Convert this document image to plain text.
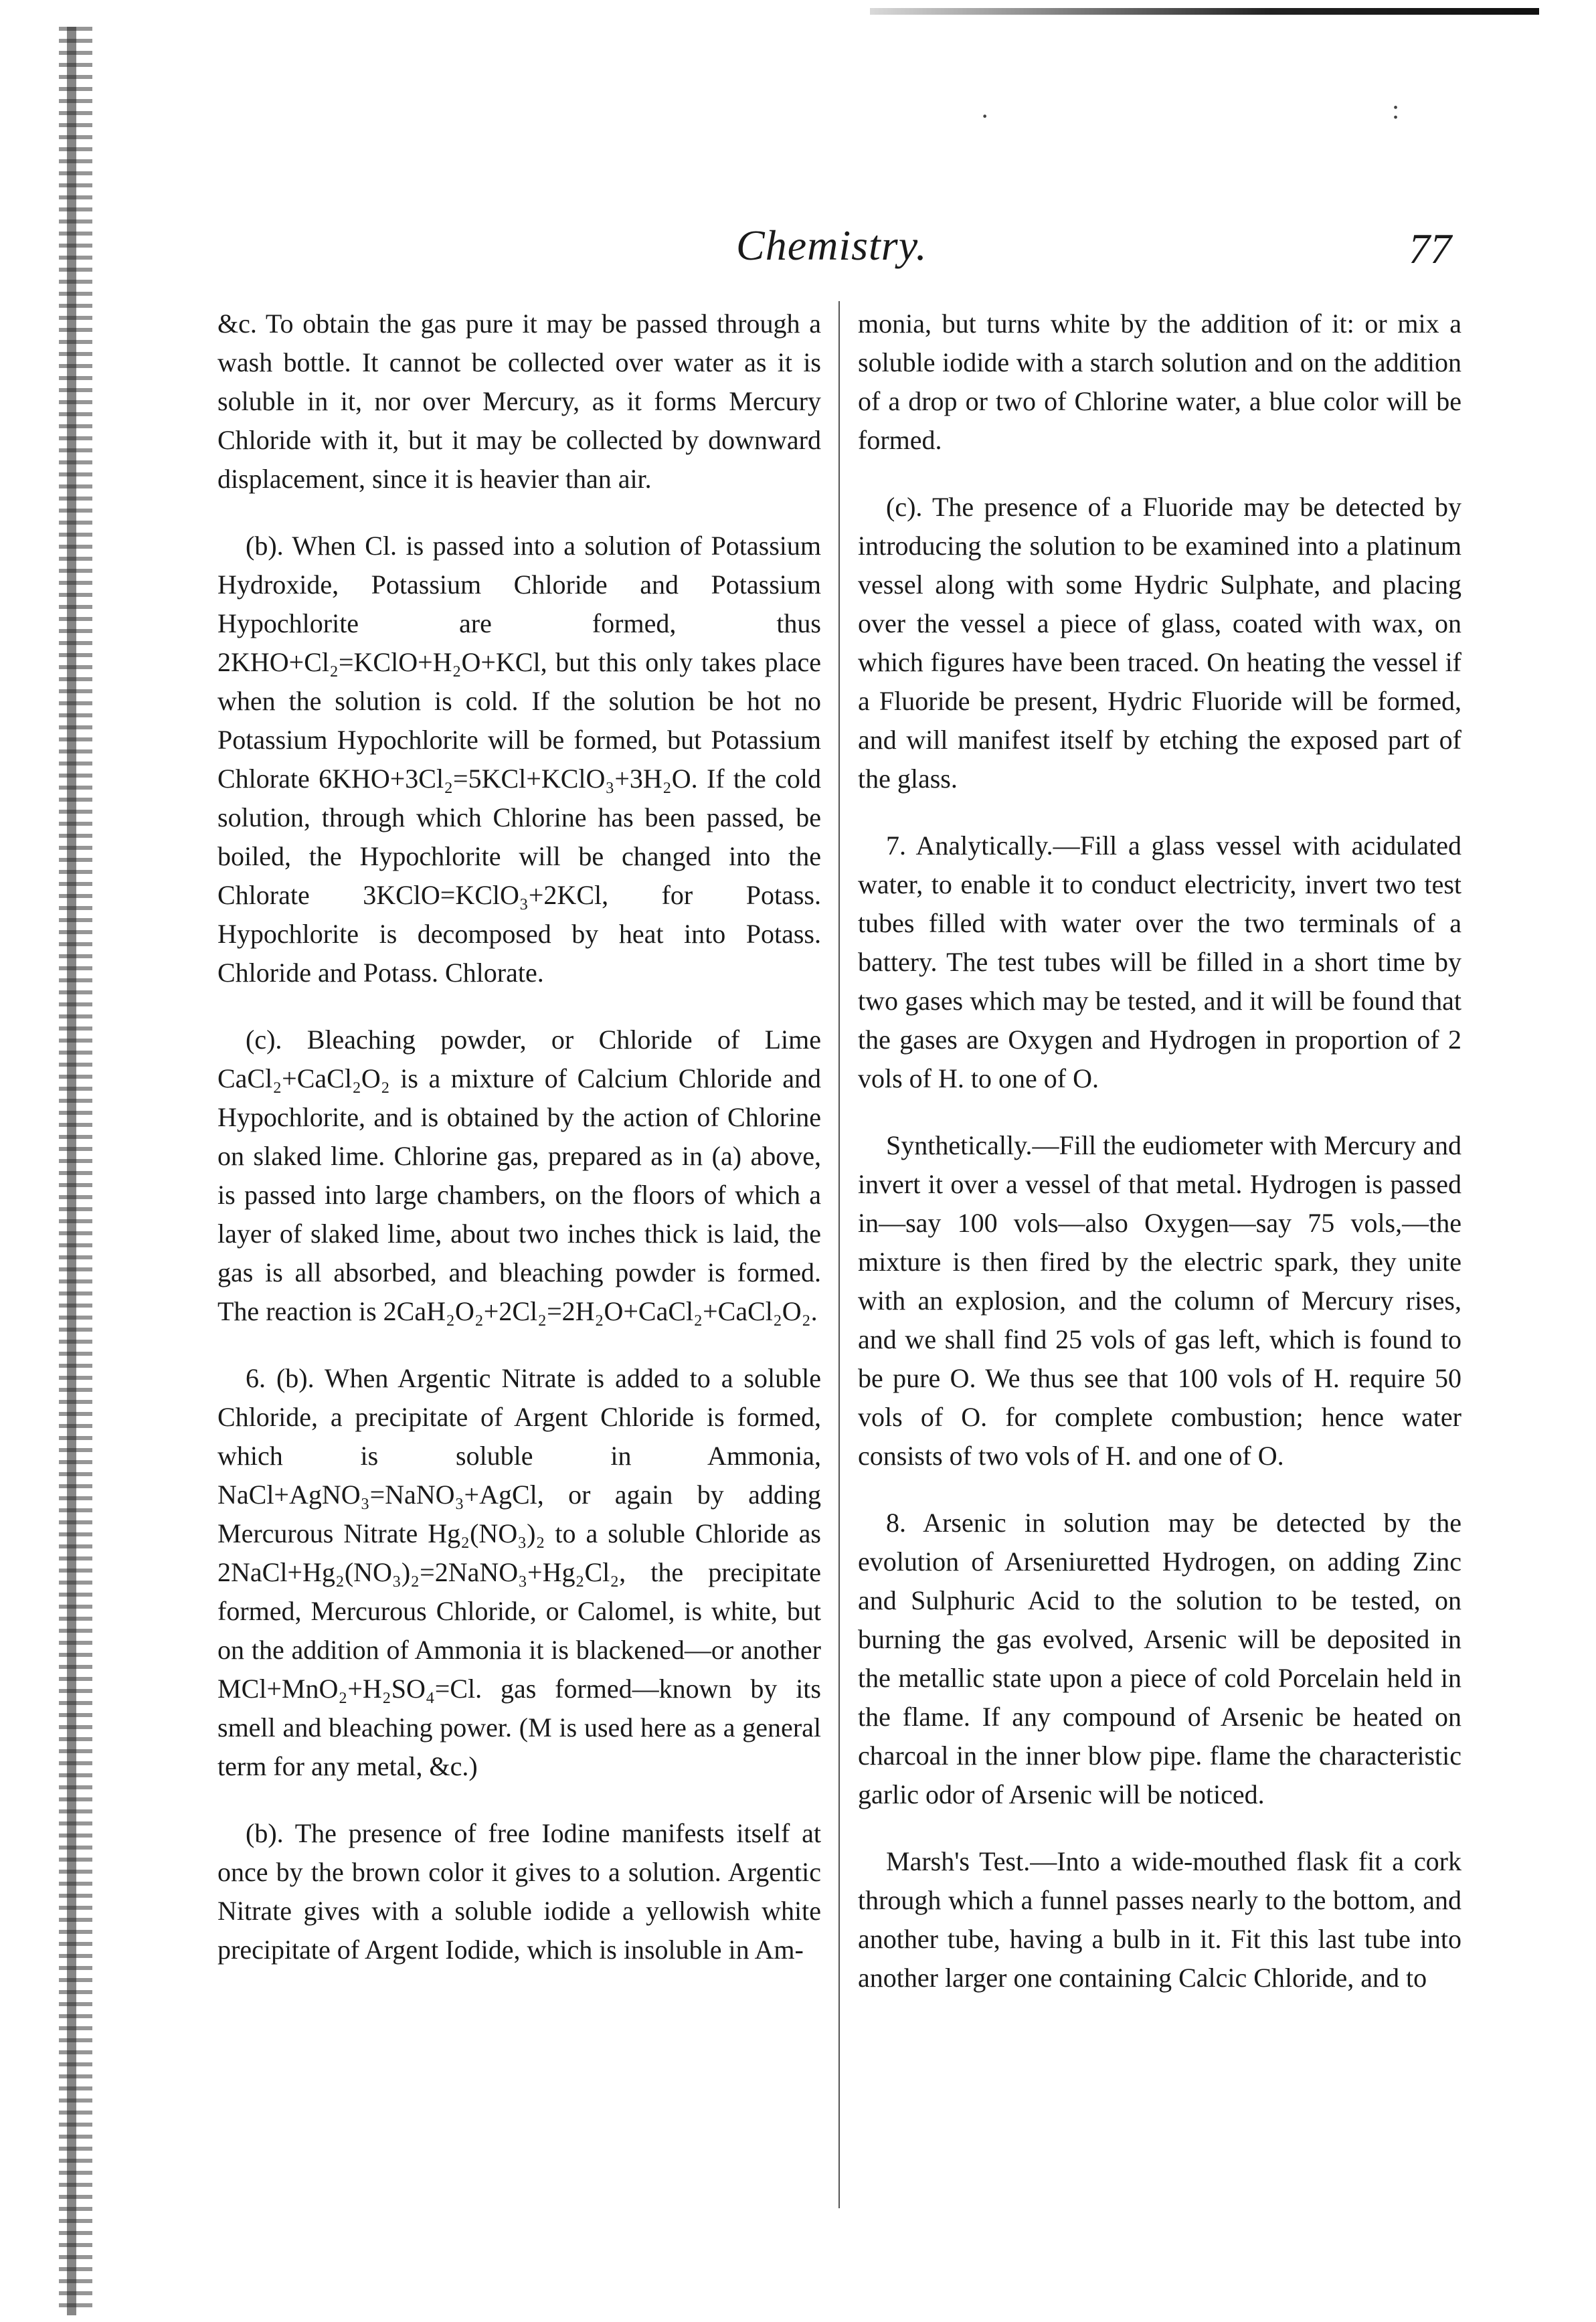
·	:
Chemistry.	77

&c. To obtain the gas pure it may be passed through a wash bottle. It cannot be collected over water as it is soluble in it, nor over Mercury, as it forms Mercury Chloride with it, but it may be collected by downward displacement, since it is heavier than air.

(b). When Cl. is passed into a solution of Potassium Hydroxide, Potassium Chloride and Potassium Hypochlorite are formed, thus 2KHO+Cl₂=KClO+H₂O+KCl, but this only takes place when the solution is cold. If the solution be hot no Potassium Hypochlorite will be formed, but Potassium Chlorate 6KHO+3Cl₂=5KCl+KClO₃+3H₂O. If the cold solution, through which Chlorine has been passed, be boiled, the Hypochlorite will be changed into the Chlorate 3KClO=KClO₃+2KCl, for Potass. Hypochlorite is decomposed by heat into Potass. Chloride and Potass. Chlorate.

(c). Bleaching powder, or Chloride of Lime CaCl₂+CaCl₂O₂ is a mixture of Calcium Chloride and Hypochlorite, and is obtained by the action of Chlorine on slaked lime. Chlorine gas, prepared as in (a) above, is passed into large chambers, on the floors of which a layer of slaked lime, about two inches thick is laid, the gas is all absorbed, and bleaching powder is formed. The reaction is 2CaH₂O₂+2Cl₂=2H₂O+CaCl₂+CaCl₂O₂.

6. (b). When Argentic Nitrate is added to a soluble Chloride, a precipitate of Argent Chloride is formed, which is soluble in Ammonia, NaCl+AgNO₃=NaNO₃+AgCl, or again by adding Mercurous Nitrate Hg₂(NO₃)₂ to a soluble Chloride as 2NaCl+Hg₂(NO₃)₂=2NaNO₃+Hg₂Cl₂, the precipitate formed, Mercurous Chloride, or Calomel, is white, but on the addition of Ammonia it is blackened—or another MCl+MnO₂+H₂SO₄=Cl. gas formed—known by its smell and bleaching power. (M is used here as a general term for any metal, &c.)

(b). The presence of free Iodine manifests itself at once by the brown color it gives to a solution. Argentic Nitrate gives with a soluble iodide a yellowish white precipitate of Argent Iodide, which is insoluble in Am-

monia, but turns white by the addition of it: or mix a soluble iodide with a starch solution and on the addition of a drop or two of Chlorine water, a blue color will be formed.

(c). The presence of a Fluoride may be detected by introducing the solution to be examined into a platinum vessel along with some Hydric Sulphate, and placing over the vessel a piece of glass, coated with wax, on which figures have been traced. On heating the vessel if a Fluoride be present, Hydric Fluoride will be formed, and will manifest itself by etching the exposed part of the glass.

7. Analytically.—Fill a glass vessel with acidulated water, to enable it to conduct electricity, invert two test tubes filled with water over the two terminals of a battery. The test tubes will be filled in a short time by two gases which may be tested, and it will be found that the gases are Oxygen and Hydrogen in proportion of 2 vols of H. to one of O.

Synthetically.—Fill the eudiometer with Mercury and invert it over a vessel of that metal. Hydrogen is passed in—say 100 vols—also Oxygen—say 75 vols,—the mixture is then fired by the electric spark, they unite with an explosion, and the column of Mercury rises, and we shall find 25 vols of gas left, which is found to be pure O. We thus see that 100 vols of H. require 50 vols of O. for complete combustion; hence water consists of two vols of H. and one of O.

8. Arsenic in solution may be detected by the evolution of Arseniuretted Hydrogen, on adding Zinc and Sulphuric Acid to the solution to be tested, on burning the gas evolved, Arsenic will be deposited in the metallic state upon a piece of cold Porcelain held in the flame. If any compound of Arsenic be heated on charcoal in the inner blow pipe. flame the characteristic garlic odor of Arsenic will be noticed.

Marsh's Test.—Into a wide-mouthed flask fit a cork through which a funnel passes nearly to the bottom, and another tube, having a bulb in it. Fit this last tube into another larger one containing Calcic Chloride, and to
